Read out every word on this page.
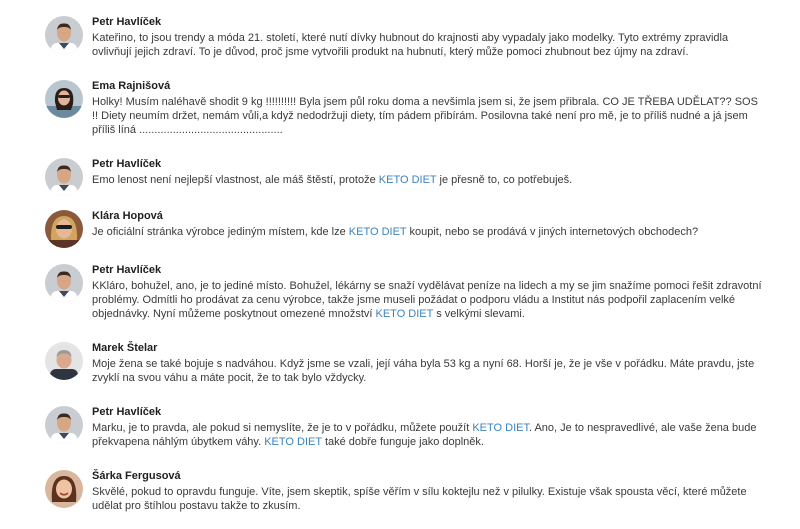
Petr Havlíček
Kateřino, to jsou trendy a móda 21. století, které nutí dívky hubnout do krajnosti aby vypadaly jako modelky. Tyto extrémy zpravidla ovlivňují jejich zdraví. To je důvod, proč jsme vytvořili produkt na hubnutí, který může pomoci zhubnout bez újmy na zdraví.
Ema Rajnišová
Holky! Musím naléhavě shodit 9 kg !!!!!!!!!! Byla jsem půl roku doma a nevšimla jsem si, že jsem přibrala. CO JE TŘEBA UDĚLAT?? SOS !! Diety neumím držet, nemám vůli,a když nedodržuji diety, tím pádem přibírám. Posilovna také není pro mě, je to příliš nudné a já jsem příliš líná ...............................................
Petr Havlíček
Emo lenost není nejlepší vlastnost, ale máš štěstí, protože KETO DIET je přesně to, co potřebuješ.
Klára Hopová
Je oficiální stránka výrobce jediným místem, kde lze KETO DIET koupit, nebo se prodává v jiných internetových obchodech?
Petr Havlíček
KKláro, bohužel, ano, je to jediné místo. Bohužel, lékárny se snaží vydělávat peníze na lidech a my se jim snažíme pomoci řešit zdravotní problémy. Odmítli ho prodávat za cenu výrobce, takže jsme museli požádat o podporu vládu a Institut nás podpořil zaplacením velké objednávky. Nyní můžeme poskytnout omezené množství KETO DIET s velkými slevami.
Marek Štelar
Moje žena se také bojuje s nadváhou. Když jsme se vzali, její váha byla 53 kg a nyní 68. Horší je, že je vše v pořádku. Máte pravdu, jste zvyklí na svou váhu a máte pocit, že to tak bylo vždycky.
Petr Havlíček
Marku, je to pravda, ale pokud si nemyslíte, že je to v pořádku, můžete použít KETO DIET. Ano, Je to nespravedlivé, ale vaše žena bude překvapena náhlým úbytkem váhy. KETO DIET také dobře funguje jako doplněk.
Šárka Fergusová
Skvělé, pokud to opravdu funguje. Víte, jsem skeptik, spíše věřím v sílu koktejlu než v pilulky. Existuje však spousta věcí, které můžete udělat pro štíhlou postavu takže to zkusím.
